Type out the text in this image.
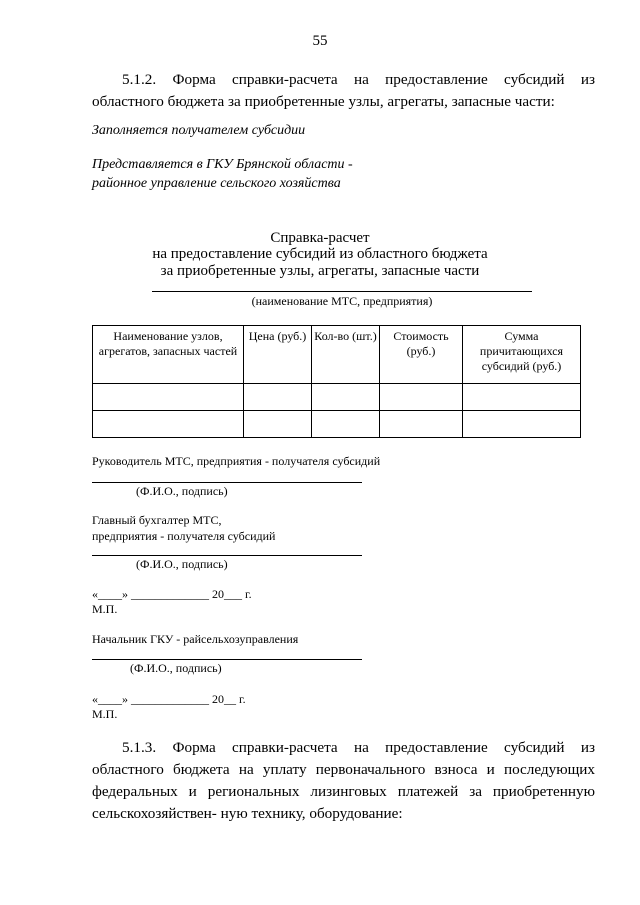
55
5.1.2. Форма справки-расчета на предоставление субсидий из областного бюджета за приобретенные узлы, агрегаты, запасные части:
Заполняется получателем субсидии
Представляется в ГКУ Брянской области -
районное управление сельского хозяйства
Справка-расчет
на предоставление субсидий из областного бюджета
за приобретенные узлы, агрегаты, запасные части
(наименование МТС, предприятия)
Наименование узлов, агрегатов, запасных частей	Цена (руб.)	Кол-во (шт.)	Стоимость (руб.)	Сумма причитающихся субсидий (руб.)

Руководитель МТС, предприятия - получателя субсидий
(Ф.И.О., подпись)
Главный бухгалтер МТС,
предприятия - получателя субсидий
(Ф.И.О., подпись)
«____» _____________ 20___ г.
М.П.
Начальник ГКУ - райсельхозуправления
(Ф.И.О., подпись)
«____» _____________ 20__ г.
М.П.
5.1.3. Форма справки-расчета на предоставление субсидий из областного бюджета на уплату первоначального взноса и последующих федеральных и региональных лизинговых платежей за приобретенную сельскохозяйствен- ную технику, оборудование:
